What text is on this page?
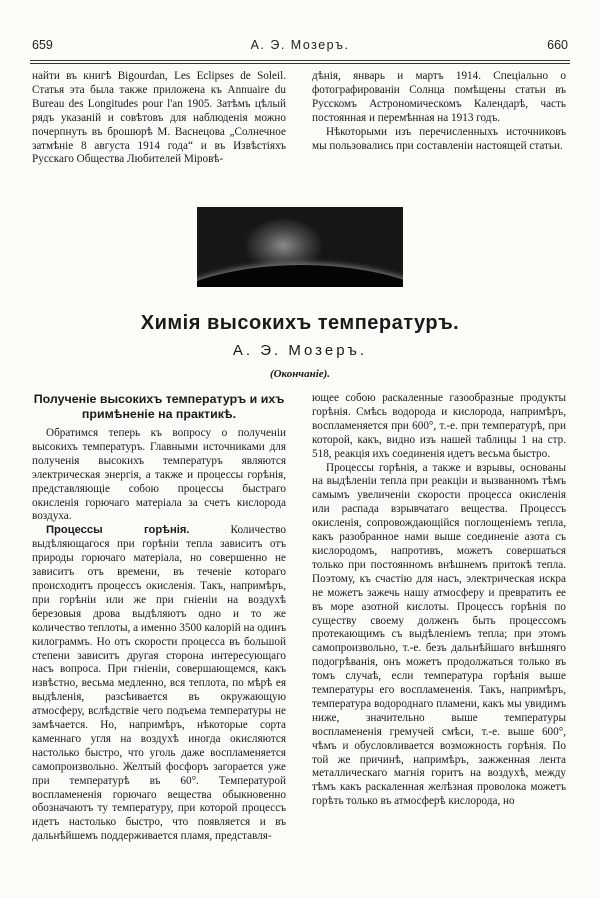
659	А. Э. Мозеръ.	660

найти въ книгѣ Bigourdan, Les Eclipses de Soleil. Статья эта была также приложена къ Annuaire du Bureau des Longitudes pour l'an 1905. Затѣмъ цѣлый рядъ указаній и совѣтовъ для наблюденія можно почерпнуть въ брошюрѣ М. Васнецова „Солнечное затмѣніе 8 августа 1914 года“ и въ Извѣстіяхъ Русскаго Общества Любителей Міровѣ-

дѣнія, январь и мартъ 1914. Спеціально о фотографированіи Солнца помѣщены статьи въ Русскомъ Астрономическомъ Календарѣ, часть постоянная и перемѣнная на 1913 годъ.

Нѣкоторыми изъ перечисленныхъ источниковъ мы пользовались при составленіи настоящей статьи.

Химія высокихъ температуръ.
А. Э. Мозеръ.
(Окончаніе).
Полученіе высокихъ температуръ и ихъ примѣненіе на практикѣ.

Обратимся теперь къ вопросу о полученіи высокихъ температуръ. Главными источниками для полученія высокихъ температуръ являются электрическая энергія, а также и процессы горѣнія, представляющіе собою процессы быстраго окисленія горючаго матеріала за счетъ кислорода воздуха.

Процессы горѣнія.	Количество выдѣляющагося при горѣніи тепла зависитъ отъ природы горючаго матеріала, но совершенно не зависитъ отъ времени, въ теченіе котораго происходитъ процессъ окисленія. Такъ, напримѣръ, при горѣніи или же при гніеніи на воздухѣ березовыя дрова выдѣляютъ одно и то же количество теплоты, а именно 3500 калорій на одинъ килограммъ. Но отъ скорости процесса въ большой степени зависитъ другая сторона интересующаго насъ вопроса. При гніеніи, совершающемся, какъ извѣстно, весьма медленно, вся теплота, по мѣрѣ ея выдѣленія, разсѣивается въ окружающую атмосферу, вслѣдствіе чего подъема температуры не замѣчается. Но, напримѣръ, нѣкоторые сорта каменнаго угля на воздухѣ иногда окисляются настолько быстро, что уголь даже воспламеняется самопроизвольно. Желтый фосфоръ загорается уже при температурѣ въ 60°. Температурой воспламененія горючаго вещества обыкновенно обозначаютъ ту температуру, при которой процессъ идетъ настолько быстро, что появляется и въ дальнѣйшемъ поддерживается пламя, представля-

ющее собою раскаленные газообразные продукты горѣнія. Смѣсь водорода и кислорода, напримѣръ, воспламеняется при 600°, т.-е. при температурѣ, при которой, какъ, видно изъ нашей таблицы 1 на стр. 518, реакція ихъ соединенія идетъ весьма быстро.

Процессы горѣнія, а также и взрывы, основаны на выдѣленіи тепла при реакціи и вызванномъ тѣмъ самымъ увеличеніи скорости процесса окисленія или распада взрывчатаго вещества. Процессъ окисленія, сопровождающійся поглощеніемъ тепла, какъ разобранное нами выше соединеніе азота съ кислородомъ, напротивъ, можетъ совершаться только при постоянномъ внѣшнемъ притокѣ тепла. Поэтому, къ счастію для насъ, электрическая искра не можетъ зажечь нашу атмосферу и превратить ее въ море азотной кислоты. Процессъ горѣнія по существу своему долженъ быть процессомъ протекающимъ съ выдѣленіемъ тепла; при этомъ самопроизвольно, т.-е. безъ дальнѣйшаго внѣшняго подогрѣванія, онъ можетъ продолжаться только въ томъ случаѣ, если температура горѣнія выше температуры его воспламененія. Такъ, напримѣръ, температура водороднаго пламени, какъ мы увидимъ ниже, значительно выше температуры воспламененія гремучей смѣси, т.-е. выше 600°, чѣмъ и обусловливается возможность горѣнія. По той же причинѣ, напримѣръ, зажженная лента металлическаго магнія горитъ на воздухѣ, между тѣмъ какъ раскаленная желѣзная проволока можетъ горѣть только въ атмосферѣ кислорода, но
